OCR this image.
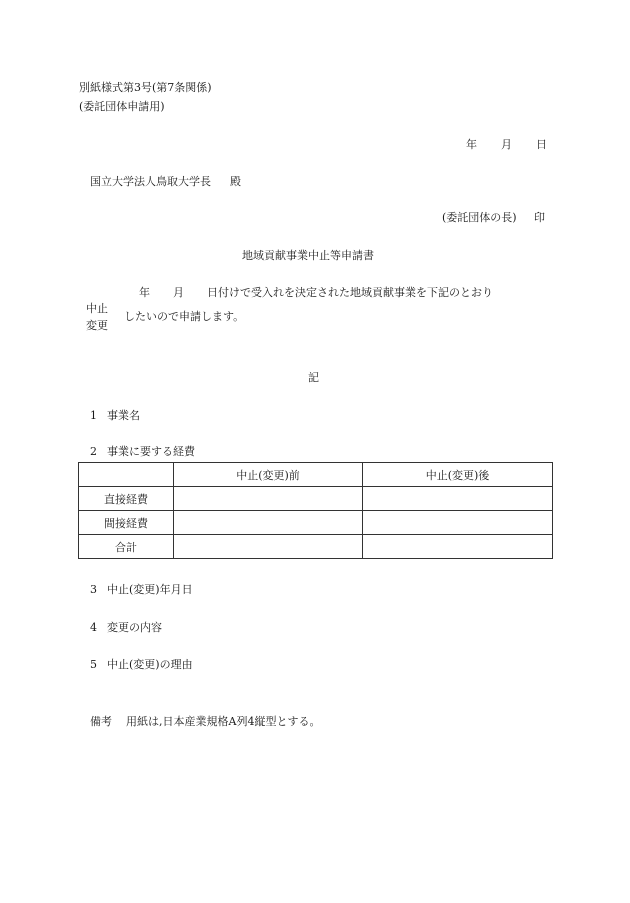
別紙様式第3号(第7条関係)
(委託団体申請用)
年 月 日
国立大学法人鳥取大学長 殿
(委託団体の長) 印
地域貢献事業中止等申請書
年 月 日付けで受入れを決定された地域貢献事業を下記のとおり
中止
変更
したいので申請します。
記
1 事業名
2 事業に要する経費
	中止(変更)前	中止(変更)後
直接経費		
間接経費		
合計		
3 中止(変更)年月日
4 変更の内容
5 中止(変更)の理由
備考 用紙は,日本産業規格A列4縦型とする。
